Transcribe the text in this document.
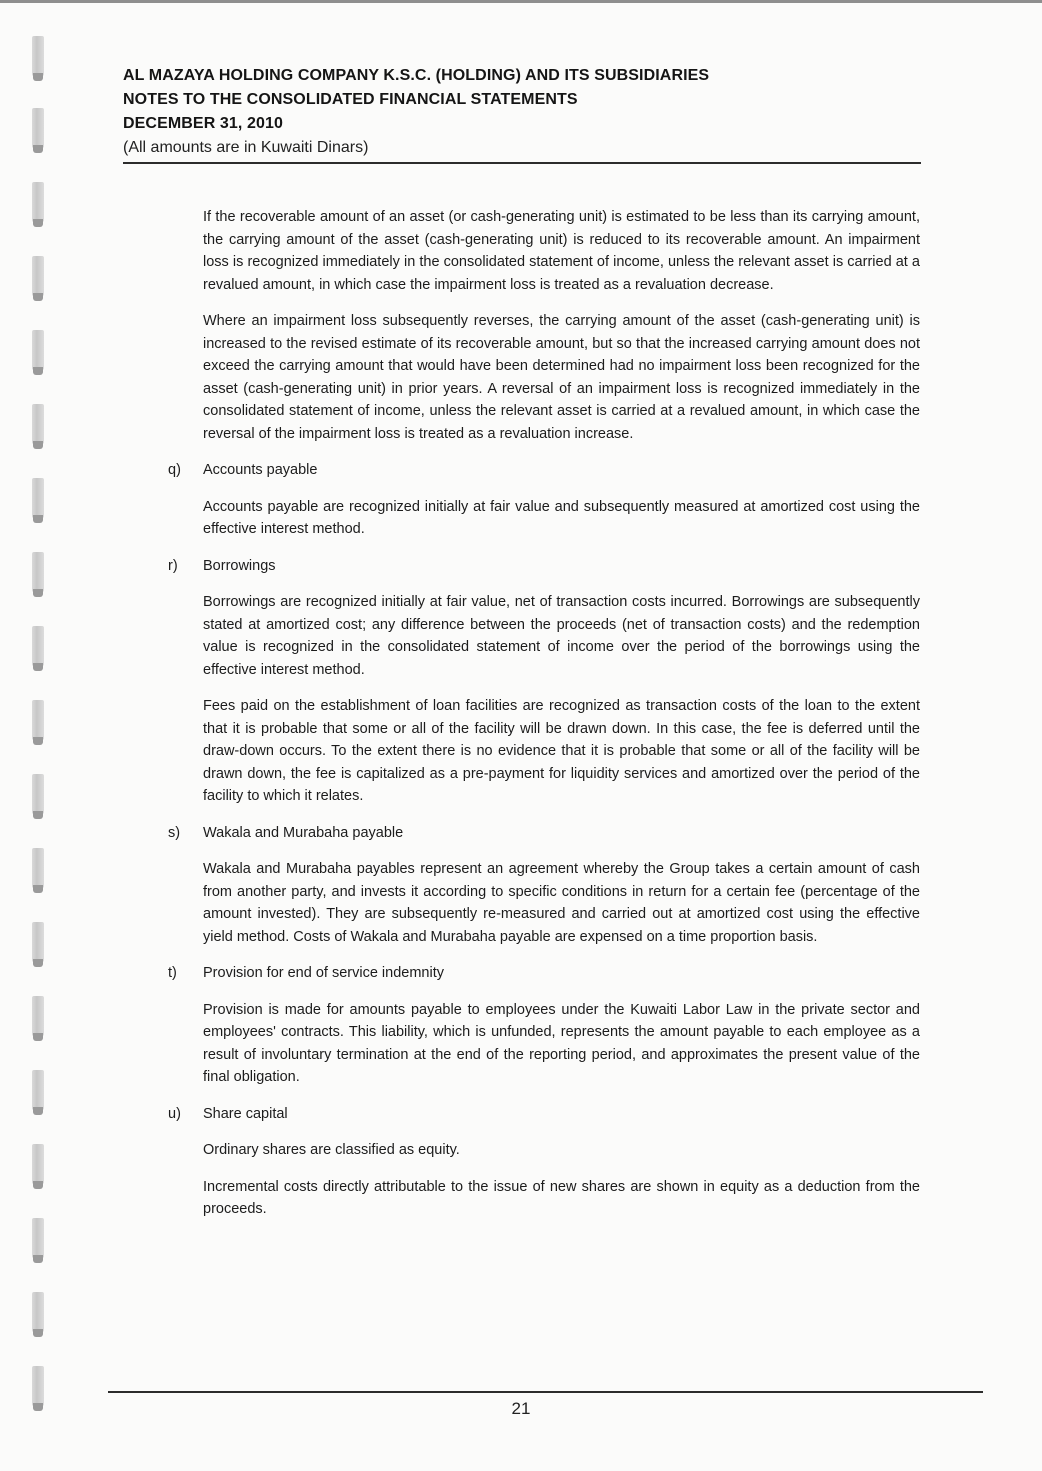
AL MAZAYA HOLDING COMPANY K.S.C. (HOLDING) AND ITS SUBSIDIARIES
NOTES TO THE CONSOLIDATED FINANCIAL STATEMENTS
DECEMBER 31, 2010
(All amounts are in Kuwaiti Dinars)

If the recoverable amount of an asset (or cash-generating unit) is estimated to be less than its carrying amount, the carrying amount of the asset (cash-generating unit) is reduced to its recoverable amount. An impairment loss is recognized immediately in the consolidated statement of income, unless the relevant asset is carried at a revalued amount, in which case the impairment loss is treated as a revaluation decrease.

Where an impairment loss subsequently reverses, the carrying amount of the asset (cash-generating unit) is increased to the revised estimate of its recoverable amount, but so that the increased carrying amount does not exceed the carrying amount that would have been determined had no impairment loss been recognized for the asset (cash-generating unit) in prior years. A reversal of an impairment loss is recognized immediately in the consolidated statement of income, unless the relevant asset is carried at a revalued amount, in which case the reversal of the impairment loss is treated as a revaluation increase.

q)	Accounts payable

Accounts payable are recognized initially at fair value and subsequently measured at amortized cost using the effective interest method.

r)	Borrowings

Borrowings are recognized initially at fair value, net of transaction costs incurred. Borrowings are subsequently stated at amortized cost; any difference between the proceeds (net of transaction costs) and the redemption value is recognized in the consolidated statement of income over the period of the borrowings using the effective interest method.

Fees paid on the establishment of loan facilities are recognized as transaction costs of the loan to the extent that it is probable that some or all of the facility will be drawn down. In this case, the fee is deferred until the draw-down occurs. To the extent there is no evidence that it is probable that some or all of the facility will be drawn down, the fee is capitalized as a pre-payment for liquidity services and amortized over the period of the facility to which it relates.

s)	Wakala and Murabaha payable

Wakala and Murabaha payables represent an agreement whereby the Group takes a certain amount of cash from another party, and invests it according to specific conditions in return for a certain fee (percentage of the amount invested). They are subsequently re-measured and carried out at amortized cost using the effective yield method. Costs of Wakala and Murabaha payable are expensed on a time proportion basis.

t)	Provision for end of service indemnity

Provision is made for amounts payable to employees under the Kuwaiti Labor Law in the private sector and employees' contracts. This liability, which is unfunded, represents the amount payable to each employee as a result of involuntary termination at the end of the reporting period, and approximates the present value of the final obligation.

u)	Share capital

Ordinary shares are classified as equity.

Incremental costs directly attributable to the issue of new shares are shown in equity as a deduction from the proceeds.

21
